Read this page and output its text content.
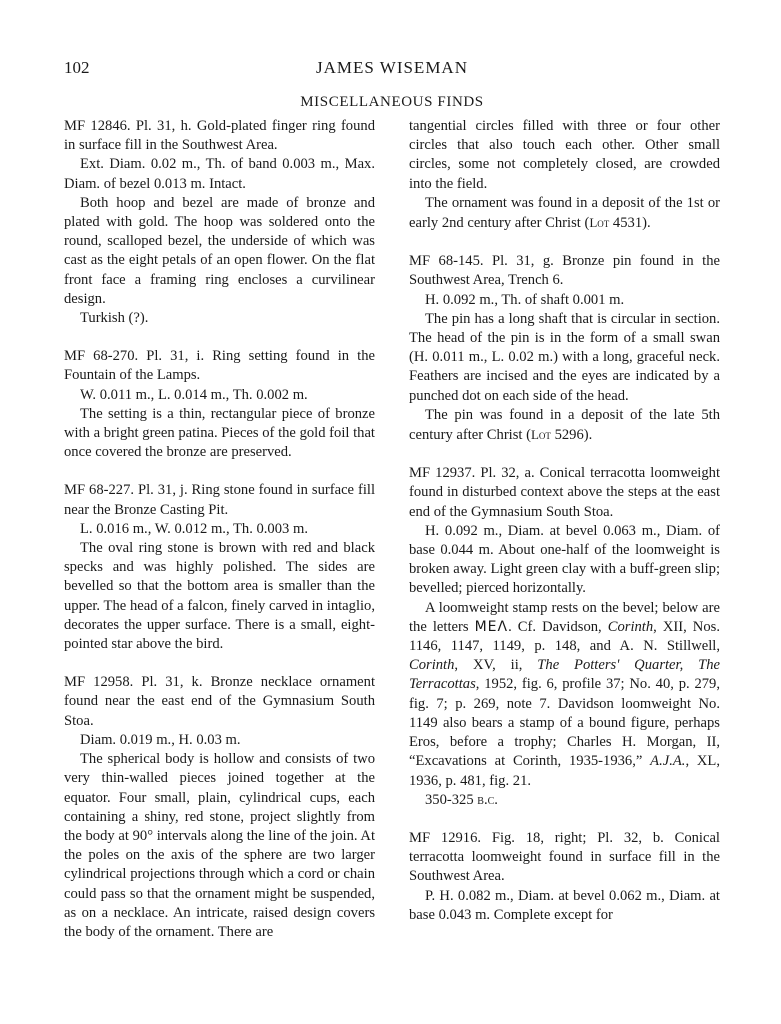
102	JAMES WISEMAN
MISCELLANEOUS FINDS

MF 12846. Pl. 31, h. Gold-plated finger ring found in surface fill in the Southwest Area.

Ext. Diam. 0.02 m., Th. of band 0.003 m., Max. Diam. of bezel 0.013 m. Intact.

Both hoop and bezel are made of bronze and plated with gold. The hoop was soldered onto the round, scalloped bezel, the underside of which was cast as the eight petals of an open flower. On the flat front face a framing ring encloses a curvilinear design.

Turkish (?).

MF 68-270. Pl. 31, i. Ring setting found in the Fountain of the Lamps.

W. 0.011 m., L. 0.014 m., Th. 0.002 m.

The setting is a thin, rectangular piece of bronze with a bright green patina. Pieces of the gold foil that once covered the bronze are preserved.

MF 68-227. Pl. 31, j. Ring stone found in surface fill near the Bronze Casting Pit.

L. 0.016 m., W. 0.012 m., Th. 0.003 m.

The oval ring stone is brown with red and black specks and was highly polished. The sides are bevelled so that the bottom area is smaller than the upper. The head of a falcon, finely carved in intaglio, decorates the upper surface. There is a small, eight-pointed star above the bird.

MF 12958. Pl. 31, k. Bronze necklace ornament found near the east end of the Gymnasium South Stoa.

Diam. 0.019 m., H. 0.03 m.

The spherical body is hollow and consists of two very thin-walled pieces joined together at the equator. Four small, plain, cylindrical cups, each containing a shiny, red stone, project slightly from the body at 90° intervals along the line of the join. At the poles on the axis of the sphere are two larger cylindrical projections through which a cord or chain could pass so that the ornament might be suspended, as on a necklace. An intricate, raised design covers the body of the ornament. There are

tangential circles filled with three or four other circles that also touch each other. Other small circles, some not completely closed, are crowded into the field.

The ornament was found in a deposit of the 1st or early 2nd century after Christ (Lot 4531).

MF 68-145. Pl. 31, g. Bronze pin found in the Southwest Area, Trench 6.

H. 0.092 m., Th. of shaft 0.001 m.

The pin has a long shaft that is circular in section. The head of the pin is in the form of a small swan (H. 0.011 m., L. 0.02 m.) with a long, graceful neck. Feathers are incised and the eyes are indicated by a punched dot on each side of the head.

The pin was found in a deposit of the late 5th century after Christ (Lot 5296).

MF 12937. Pl. 32, a. Conical terracotta loomweight found in disturbed context above the steps at the east end of the Gymnasium South Stoa.

H. 0.092 m., Diam. at bevel 0.063 m., Diam. of base 0.044 m. About one-half of the loomweight is broken away. Light green clay with a buff-green slip; bevelled; pierced horizontally.

A loomweight stamp rests on the bevel; below are the letters ΜΕΛ. Cf. Davidson, Corinth, XII, Nos. 1146, 1147, 1149, p. 148, and A. N. Stillwell, Corinth, XV, ii, The Potters' Quarter, The Terracottas, 1952, fig. 6, profile 37; No. 40, p. 279, fig. 7; p. 269, note 7. Davidson loomweight No. 1149 also bears a stamp of a bound figure, perhaps Eros, before a trophy; Charles H. Morgan, II, “Excavations at Corinth, 1935-1936,” A.J.A., XL, 1936, p. 481, fig. 21.

350-325 b.c.

MF 12916. Fig. 18, right; Pl. 32, b. Conical terracotta loomweight found in surface fill in the Southwest Area.

P. H. 0.082 m., Diam. at bevel 0.062 m., Diam. at base 0.043 m. Complete except for
